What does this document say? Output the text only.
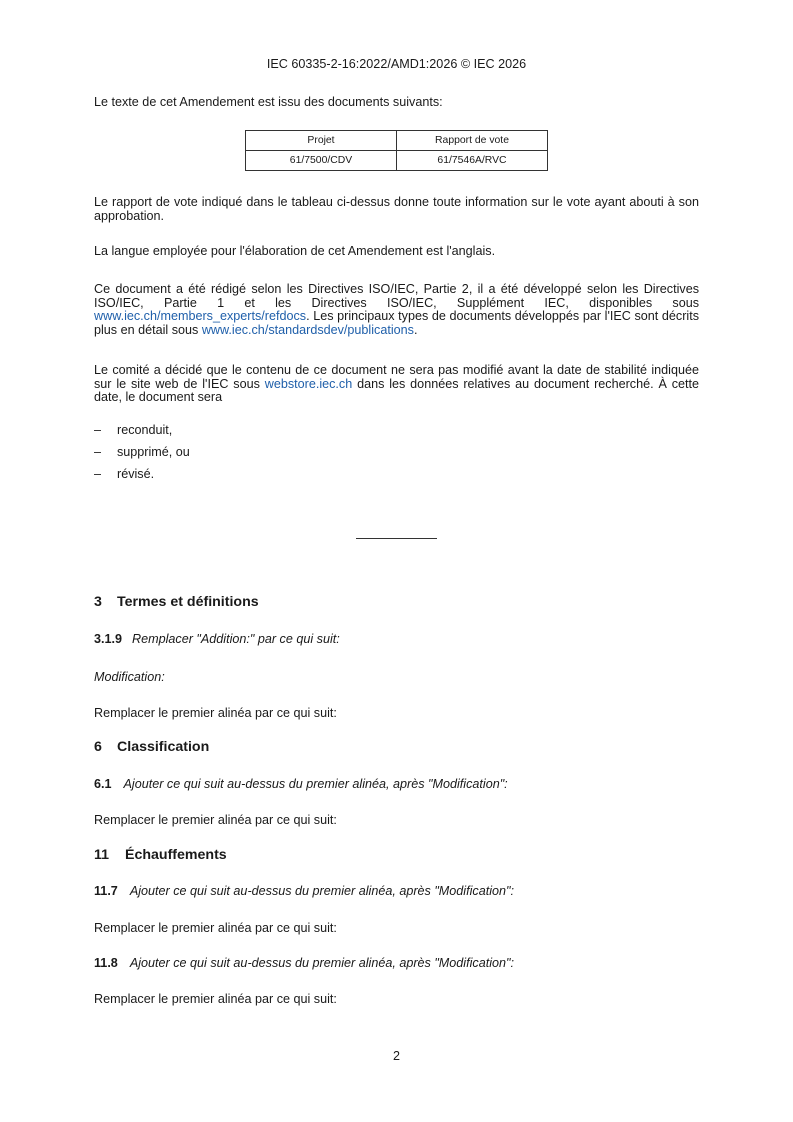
IEC 60335-2-16:2022/AMD1:2026 © IEC 2026
Le texte de cet Amendement est issu des documents suivants:
Projet	Rapport de vote
61/7500/CDV	61/7546A/RVC
Le rapport de vote indiqué dans le tableau ci-dessus donne toute information sur le vote ayant abouti à son approbation.
La langue employée pour l'élaboration de cet Amendement est l'anglais.
Ce document a été rédigé selon les Directives ISO/IEC, Partie 2, il a été développé selon les Directives ISO/IEC, Partie 1 et les Directives ISO/IEC, Supplément IEC, disponibles sous www.iec.ch/members_experts/refdocs. Les principaux types de documents développés par l'IEC sont décrits plus en détail sous www.iec.ch/standardsdev/publications.
Le comité a décidé que le contenu de ce document ne sera pas modifié avant la date de stabilité indiquée sur le site web de l'IEC sous webstore.iec.ch dans les données relatives au document recherché. À cette date, le document sera
– reconduit,
– supprimé, ou
– révisé.
3 Termes et définitions
3.1.9 Remplacer "Addition:" par ce qui suit:
Modification:
Remplacer le premier alinéa par ce qui suit:
6 Classification
6.1 Ajouter ce qui suit au-dessus du premier alinéa, après "Modification":
Remplacer le premier alinéa par ce qui suit:
11 Échauffements
11.7 Ajouter ce qui suit au-dessus du premier alinéa, après "Modification":
Remplacer le premier alinéa par ce qui suit:
11.8 Ajouter ce qui suit au-dessus du premier alinéa, après "Modification":
Remplacer le premier alinéa par ce qui suit:
2
